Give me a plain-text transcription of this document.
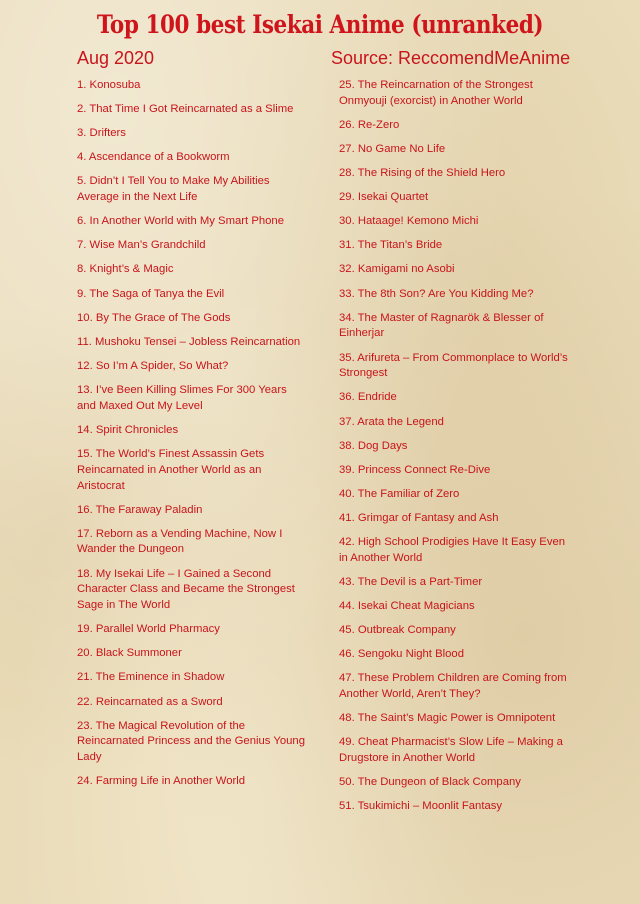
Top 100 best Isekai Anime (unranked)
Aug 2020	Source: ReccomendMeAnime
1. Konosuba
2. That Time I Got Reincarnated as a Slime
3. Drifters
4. Ascendance of a Bookworm
5. Didn’t I Tell You to Make My Abilities Average in the Next Life
6. In Another World with My Smart Phone
7. Wise Man’s Grandchild
8. Knight’s & Magic
9. The Saga of Tanya the Evil
10. By The Grace of The Gods
11. Mushoku Tensei – Jobless Reincarnation
12. So I’m A Spider, So What?
13. I’ve Been Killing Slimes For 300 Years and Maxed Out My Level
14. Spirit Chronicles
15. The World’s Finest Assassin Gets Reincarnated in Another World as an Aristocrat
16. The Faraway Paladin
17. Reborn as a Vending Machine, Now I Wander the Dungeon
18. My Isekai Life – I Gained a Second Character Class and Became the Strongest Sage in The World
19. Parallel World Pharmacy
20. Black Summoner
21. The Eminence in Shadow
22. Reincarnated as a Sword
23. The Magical Revolution of the Reincarnated Princess and the Genius Young Lady
24. Farming Life in Another World
25. The Reincarnation of the Strongest Onmyouji (exorcist) in Another World
26. Re-Zero
27. No Game No Life
28. The Rising of the Shield Hero
29. Isekai Quartet
30. Hataage! Kemono Michi
31. The Titan’s Bride
32. Kamigami no Asobi
33. The 8th Son? Are You Kidding Me?
34. The Master of Ragnarök & Blesser of Einherjar
35. Arifureta – From Commonplace to World’s Strongest
36. Endride
37. Arata the Legend
38. Dog Days
39. Princess Connect Re-Dive
40. The Familiar of Zero
41. Grimgar of Fantasy and Ash
42. High School Prodigies Have It Easy Even in Another World
43. The Devil is a Part-Timer
44. Isekai Cheat Magicians
45. Outbreak Company
46. Sengoku Night Blood
47. These Problem Children are Coming from Another World, Aren’t They?
48. The Saint’s Magic Power is Omnipotent
49. Cheat Pharmacist’s Slow Life – Making a Drugstore in Another World
50. The Dungeon of Black Company
51. Tsukimichi – Moonlit Fantasy
